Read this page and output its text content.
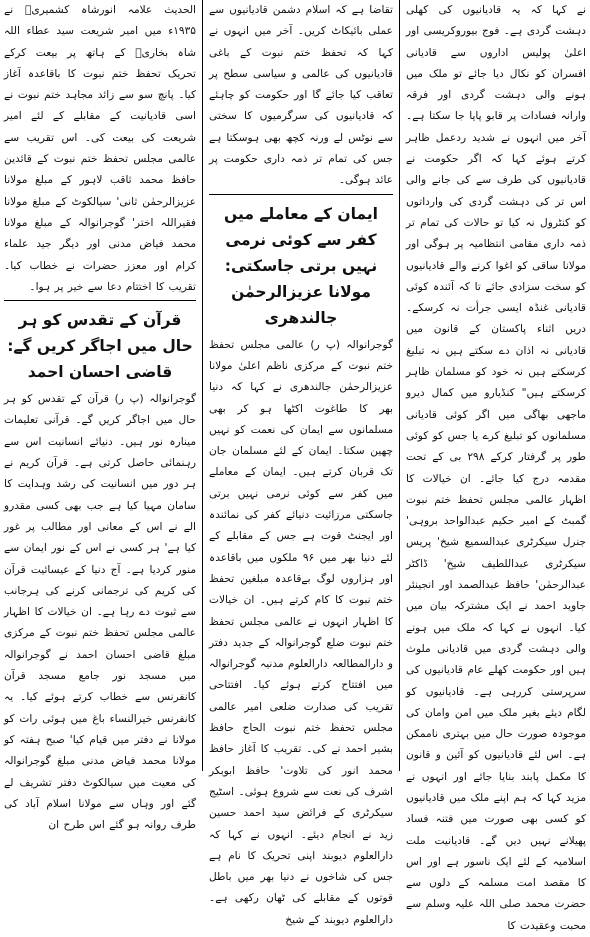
نے کہا کہ یہ قادیانیوں کی کھلی دہشت گردی ہے۔ فوج بیوروکریسی اور اعلیٰ پولیس اداروں سے قادیانی افسران کو نکال دیا جائے تو ملک میں ہونے والی دہشت گردی اور فرقہ وارانہ فسادات پر قابو پایا جا سکتا ہے۔ آخر میں انہوں نے شدید ردعمل ظاہر کرتے ہوئے کہا کہ اگر حکومت نے قادیانیوں کی طرف سے کی جانے والی اس تر کی دہشت گردی کی وارداتوں کو کنٹرول نہ کیا تو حالات کی تمام تر ذمہ داری مقامی انتظامیہ پر ہوگی اور مولانا ساقی کو اغوا کرنے والے قادیانیوں کو سخت سزادی جائے تا کہ آئندہ کوئی قادیانی غنڈہ ایسی جرأت نہ کرسکے۔ دریں اثناء پاکستان کے قانون میں قادیانی نہ اذان دے سکتے ہیں نہ تبلیغ کرسکتے ہیں نہ خود کو مسلمان ظاہر کرسکتے ہیں" کنڈیارو میں کمال دیرو ماجھی بھاگی میں اگر کوئی قادیانی مسلمانوں کو تبلیغ کرے یا جس کو کوئی طور پر گرفتار کرکے ۲۹۸ بی کے تحت مقدمہ درج کیا جائے۔ ان خیالات کا اظہار عالمی مجلس تحفظ ختم نبوت گمبٹ کے امیر حکیم عبدالواحد بروہی' جنرل سیکرٹری عبدالسمیع شیخ' پریس سیکرٹری عبداللطیف شیخ' ڈاکٹر عبدالرحمٰن' حافظ عبدالصمد اور انجینئر جاوید احمد نے ایک مشترکہ بیان میں کیا۔ انہوں نے کہا کہ ملک میں ہونے والی دہشت گردی میں قادیانی ملوث ہیں اور حکومت کھلے عام قادیانیوں کی سرپرستی کررہی ہے۔ قادیانیوں کو لگام دیئے بغیر ملک میں امن وامان کی موجودہ صورت حال میں بہتری ناممکن ہے۔ اس لئے قادیانیوں کو آئین و قانون کا مکمل پابند بنایا جائے اور انہوں نے مزید کہا کہ ہم اپنے ملک میں قادیانیوں کو کسی بھی صورت میں فتنہ فساد پھیلانے نہیں دیں گے۔ قادیانیت ملت اسلامیہ کے لئے ایک ناسور ہے اور اس کا مقصد امت مسلمہ کے دلوں سے حضرت محمد صلی اللہ علیہ وسلم سے محبت وعقیدت کا

تقاضا ہے کہ اسلام دشمن قادیانیوں سے عملی بائیکاٹ کریں۔ آخر میں انہوں نے کہا کہ تحفظ ختم نبوت کے باغی قادیانیوں کی عالمی و سیاسی سطح پر تعاقب کیا جائے گا اور حکومت کو چاہئے کہ قادیانیوں کی سرگرمیوں کا سختی سے نوٹس لے ورنہ کچھ بھی ہوسکتا ہے جس کی تمام تر ذمہ داری حکومت پر عائد ہوگی۔

ایمان کے معاملے میں کفر سے کوئی نرمی نہیں برتی جاسکتی: مولانا عزیزالرحمٰن جالندھری

گوجرانوالہ (پ ر) عالمی مجلس تحفظ ختم نبوت کے مرکزی ناظم اعلیٰ مولانا عزیزالرحمٰن جالندھری نے کہا کہ دنیا بھر کا طاغوت اکٹھا ہو کر بھی مسلمانوں سے ایمان کی نعمت کو نہیں چھین سکتا۔ ایمان کے لئے مسلمان جان تک قربان کرتے ہیں۔ ایمان کے معاملے میں کفر سے کوئی نرمی نہیں برتی جاسکتی مرزائیت دنیائے کفر کی نمائندہ اور ایجنٹ قوت ہے جس کے مقابلے کے لئے دنیا بھر میں ۹۶ ملکوں میں باقاعدہ اور ہزاروں لوگ بےقاعدہ مبلغین تحفظ ختم نبوت کا کام کرتے ہیں۔ ان خیالات کا اظہار انہوں نے عالمی مجلس تحفظ ختم نبوت ضلع گوجرانوالہ کے جدید دفتر و دارالمطالعہ دارالعلوم مدنیہ گوجرانوالہ میں افتتاح کرتے ہوئے کیا۔ افتتاحی تقریب کی صدارت ضلعی امیر عالمی مجلس تحفظ ختم نبوت الحاج حافظ بشیر احمد نے کی۔ تقریب کا آغاز حافظ محمد انور کی تلاوت' حافظ ابوبکر اشرف کی نعت سے شروع ہوئی۔ اسٹیج سیکرٹری کے فرائض سید احمد حسین زید نے انجام دیئے۔ انہوں نے کہا کہ دارالعلوم دیوبند اپنی تحریک کا نام ہے جس کی شاخوں نے دنیا بھر میں باطل قوتوں کے مقابلے کی ٹھان رکھی ہے۔ دارالعلوم دیوبند کے شیخ

الحدیث علامہ انورشاہ کشمیریؒ نے ۱۹۳۵ء میں امیر شریعت سید عطاء اللہ شاہ بخاریؒ کے ہاتھ پر بیعت کرکے تحریک تحفظ ختم نبوت کا باقاعدہ آغاز کیا۔ پانچ سو سے زائد مجاہد ختم نبوت نے اسی قادیانیت کے مقابلے کے لئے امیر شریعت کی بیعت کی۔ اس تقریب سے عالمی مجلس تحفظ ختم نبوت کے قائدین حافظ محمد ثاقب لاہور کے مبلغ مولانا عزیزالرحمٰن ثانی' سیالکوٹ کے مبلغ مولانا فقیراللہ اختر' گوجرانوالہ کے مبلغ مولانا محمد فیاض مدنی اور دیگر جید علماء کرام اور معزز حضرات نے خطاب کیا۔ تقریب کا اختتام دعا سے خیر پر ہوا۔

قرآن کے تقدس کو ہر حال میں اجاگر کریں گے: قاضی احسان احمد

گوجرانوالہ (پ ر) قرآن کے تقدس کو ہر حال میں اجاگر کریں گے۔ قرآنی تعلیمات مینارہ نور ہیں۔ دنیائے انسانیت اس سے رہنمائی حاصل کرتی ہے۔ قرآن کریم نے ہر دور میں انسانیت کی رشد وہدایت کا سامان مہیا کیا ہے جب بھی کسی مقدرو الے نے اس کے معانی اور مطالب پر غور کیا ہے' ہر کسی نے اس کے نور ایمان سے منور کردیا ہے۔ آج دنیا کے عیسائیت قرآن کی کریم کی ترجمانی کرنے کی ہرجانب سے ثبوت دے رہا ہے۔ ان خیالات کا اظہار عالمی مجلس تحفظ ختم نبوت کے مرکزی مبلغ قاضی احسان احمد نے گوجرانوالہ میں مسجد نور جامع مسجد قرآن کانفرنس سے خطاب کرتے ہوئے کیا۔ یہ کانفرنس خیرالنساء باغ میں ہوئی رات کو مولانا نے دفتر میں قیام کیا' صبح ہفتہ کو مولانا محمد فیاض مدنی مبلغ گوجرانوالہ کی معیت میں سیالکوٹ دفتر تشریف لے گئے اور وہاں سے مولانا اسلام آباد کی طرف روانہ ہو گئے اس طرح ان
